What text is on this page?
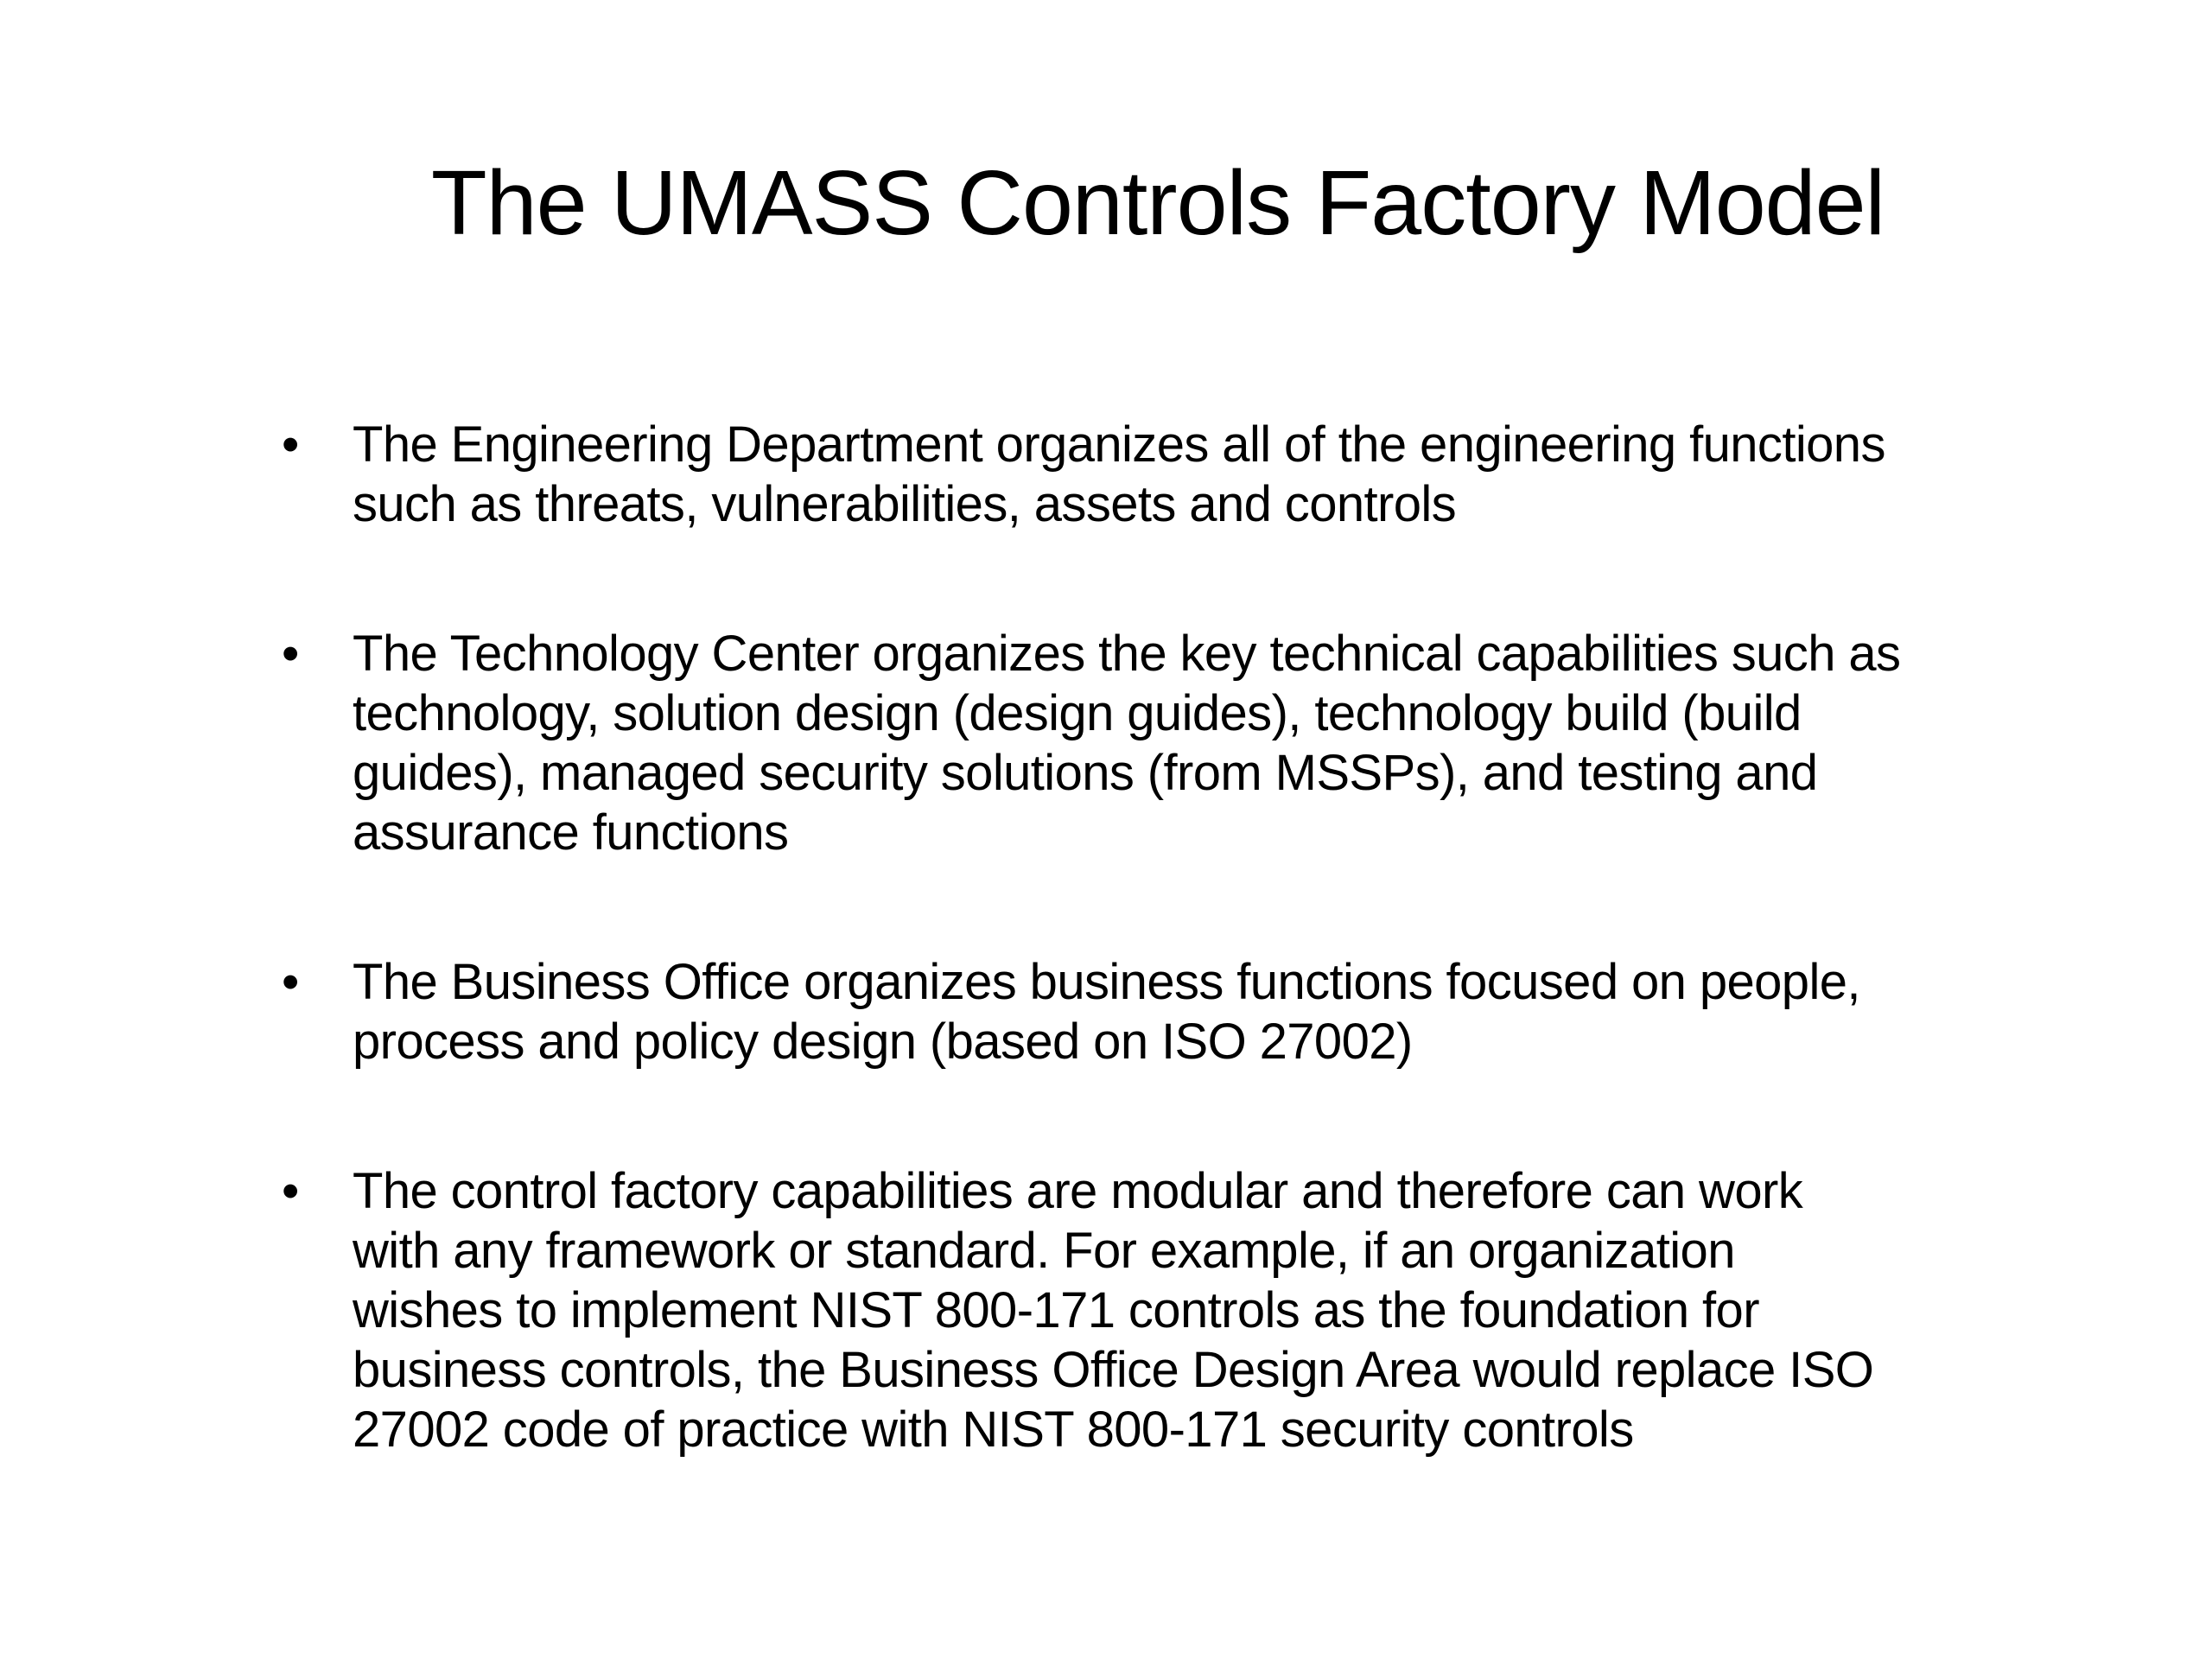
The UMASS Controls Factory Model
• The Engineering Department organizes all of the engineering functions
such as threats, vulnerabilities, assets and controls
• The Technology Center organizes the key technical capabilities such as
technology, solution design (design guides), technology build (build
guides), managed security solutions (from MSSPs), and testing and
assurance functions
• The Business Office organizes business functions focused on people,
process and policy design (based on ISO 27002)
• The control factory capabilities are modular and therefore can work
with any framework or standard. For example, if an organization
wishes to implement NIST 800-171 controls as the foundation for
business controls, the Business Office Design Area would replace ISO
27002 code of practice with NIST 800-171 security controls
